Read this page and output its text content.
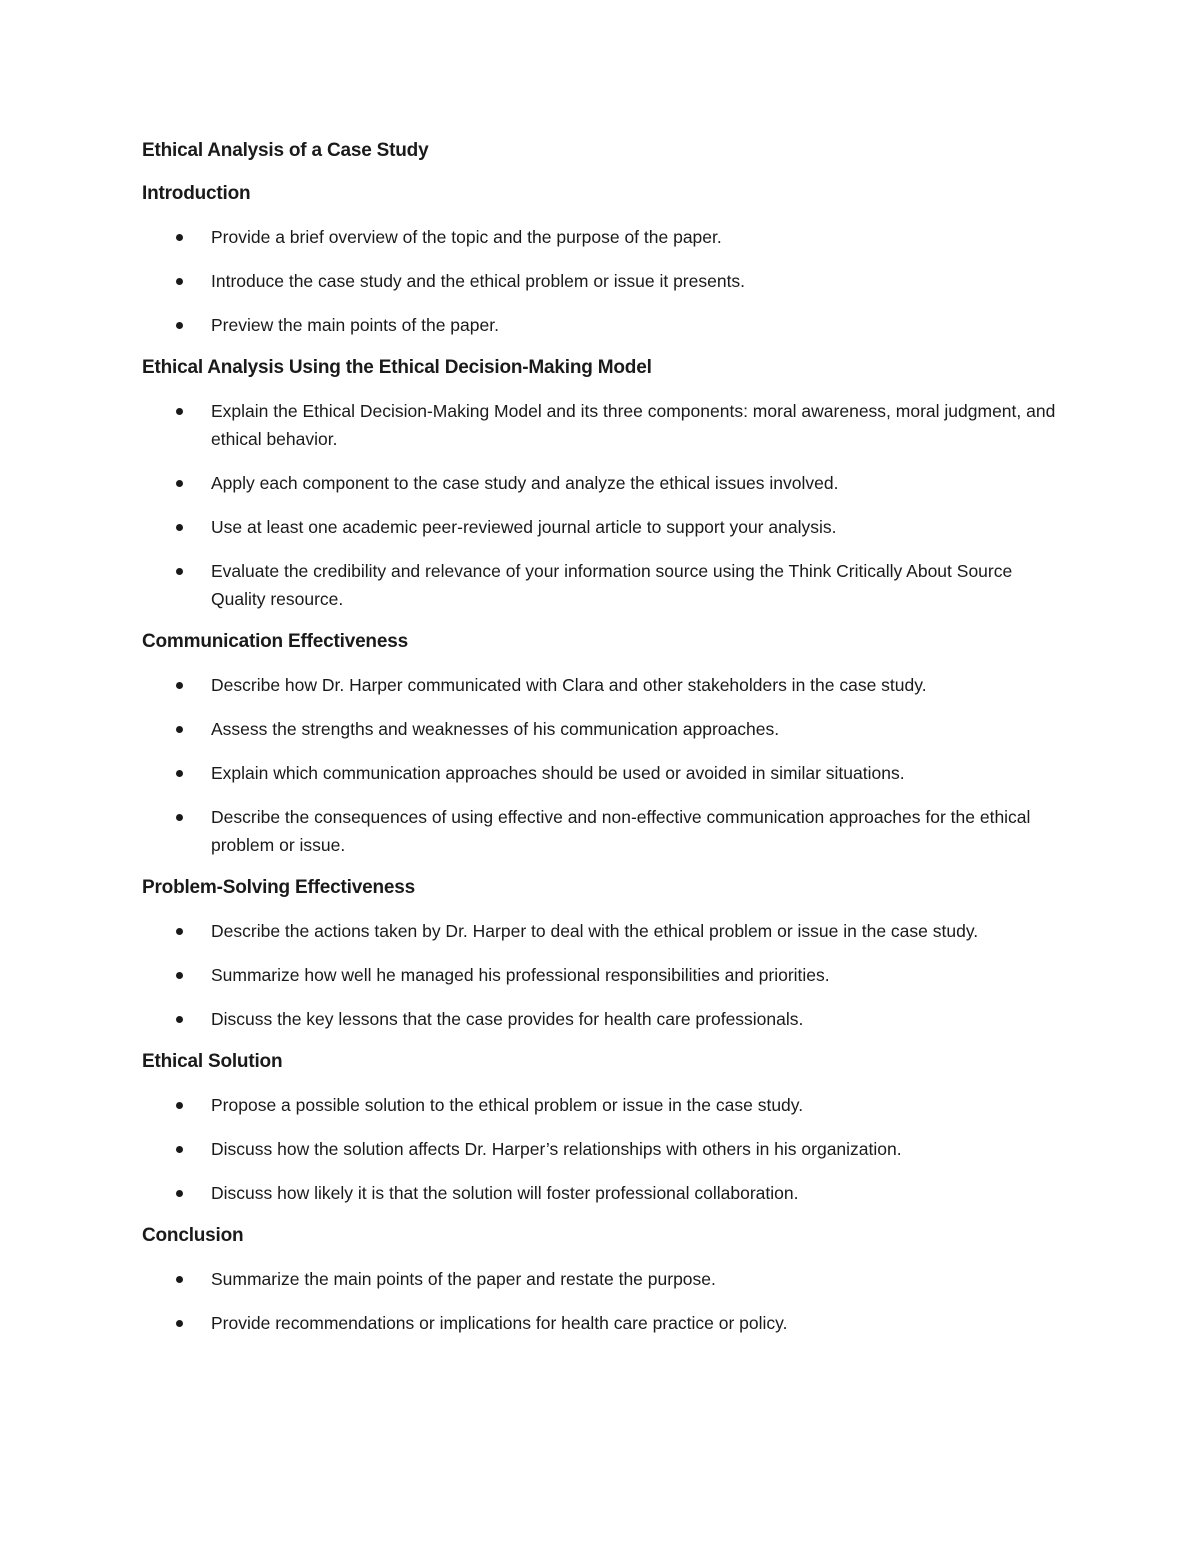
Ethical Analysis of a Case Study
Introduction
Provide a brief overview of the topic and the purpose of the paper.
Introduce the case study and the ethical problem or issue it presents.
Preview the main points of the paper.
Ethical Analysis Using the Ethical Decision-Making Model
Explain the Ethical Decision-Making Model and its three components: moral awareness, moral judgment, and ethical behavior.
Apply each component to the case study and analyze the ethical issues involved.
Use at least one academic peer-reviewed journal article to support your analysis.
Evaluate the credibility and relevance of your information source using the Think Critically About Source Quality resource.
Communication Effectiveness
Describe how Dr. Harper communicated with Clara and other stakeholders in the case study.
Assess the strengths and weaknesses of his communication approaches.
Explain which communication approaches should be used or avoided in similar situations.
Describe the consequences of using effective and non-effective communication approaches for the ethical problem or issue.
Problem-Solving Effectiveness
Describe the actions taken by Dr. Harper to deal with the ethical problem or issue in the case study.
Summarize how well he managed his professional responsibilities and priorities.
Discuss the key lessons that the case provides for health care professionals.
Ethical Solution
Propose a possible solution to the ethical problem or issue in the case study.
Discuss how the solution affects Dr. Harper’s relationships with others in his organization.
Discuss how likely it is that the solution will foster professional collaboration.
Conclusion
Summarize the main points of the paper and restate the purpose.
Provide recommendations or implications for health care practice or policy.
